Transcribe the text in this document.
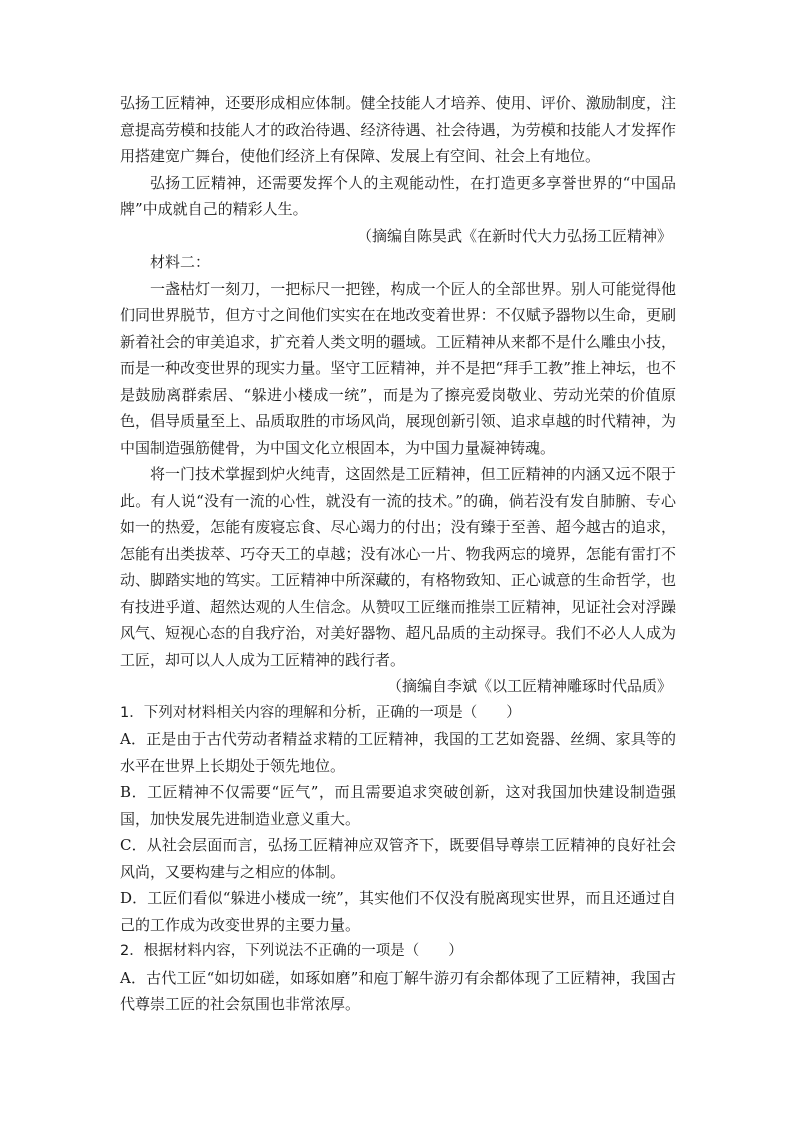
弘扬工匠精神，还要形成相应体制。健全技能人才培养、使用、评价、激励制度，注意提高劳模和技能人才的政治待遇、经济待遇、社会待遇，为劳模和技能人才发挥作用搭建宽广舞台，使他们经济上有保障、发展上有空间、社会上有地位。

弘扬工匠精神，还需要发挥个人的主观能动性，在打造更多享誉世界的“中国品牌”中成就自己的精彩人生。

（摘编自陈昊武《在新时代大力弘扬工匠精神》

材料二：

一盏枯灯一刻刀，一把标尺一把锉，构成一个匠人的全部世界。别人可能觉得他们同世界脱节，但方寸之间他们实实在在地改变着世界：不仅赋予器物以生命，更刷新着社会的审美追求，扩充着人类文明的疆域。工匠精神从来都不是什么雕虫小技，而是一种改变世界的现实力量。坚守工匠精神，并不是把“拜手工教”推上神坛，也不是鼓励离群索居、“躲进小楼成一统”，而是为了擦亮爱岗敬业、劳动光荣的价值原色，倡导质量至上、品质取胜的市场风尚，展现创新引领、追求卓越的时代精神，为中国制造强筋健骨，为中国文化立根固本，为中国力量凝神铸魂。

将一门技术掌握到炉火纯青，这固然是工匠精神，但工匠精神的内涵又远不限于此。有人说“没有一流的心性，就没有一流的技术。”的确，倘若没有发自肺腑、专心如一的热爱，怎能有废寝忘食、尽心竭力的付出；没有臻于至善、超今越古的追求，怎能有出类拔萃、巧夺天工的卓越；没有冰心一片、物我两忘的境界，怎能有雷打不动、脚踏实地的笃实。工匠精神中所深藏的，有格物致知、正心诚意的生命哲学，也有技进乎道、超然达观的人生信念。从赞叹工匠继而推崇工匠精神，见证社会对浮躁风气、短视心态的自我疗治，对美好器物、超凡品质的主动探寻。我们不必人人成为工匠，却可以人人成为工匠精神的践行者。

（摘编自李斌《以工匠精神雕琢时代品质》

1．下列对材料相关内容的理解和分析，正确的一项是（　　）

A．正是由于古代劳动者精益求精的工匠精神，我国的工艺如瓷器、丝绸、家具等的水平在世界上长期处于领先地位。

B．工匠精神不仅需要“匠气”，而且需要追求突破创新，这对我国加快建设制造强国，加快发展先进制造业意义重大。

C．从社会层面而言，弘扬工匠精神应双管齐下，既要倡导尊崇工匠精神的良好社会风尚，又要构建与之相应的体制。

D．工匠们看似“躲进小楼成一统”，其实他们不仅没有脱离现实世界，而且还通过自己的工作成为改变世界的主要力量。

2．根据材料内容，下列说法不正确的一项是（　　）

A．古代工匠“如切如磋，如琢如磨”和庖丁解牛游刃有余都体现了工匠精神，我国古代尊崇工匠的社会氛围也非常浓厚。
